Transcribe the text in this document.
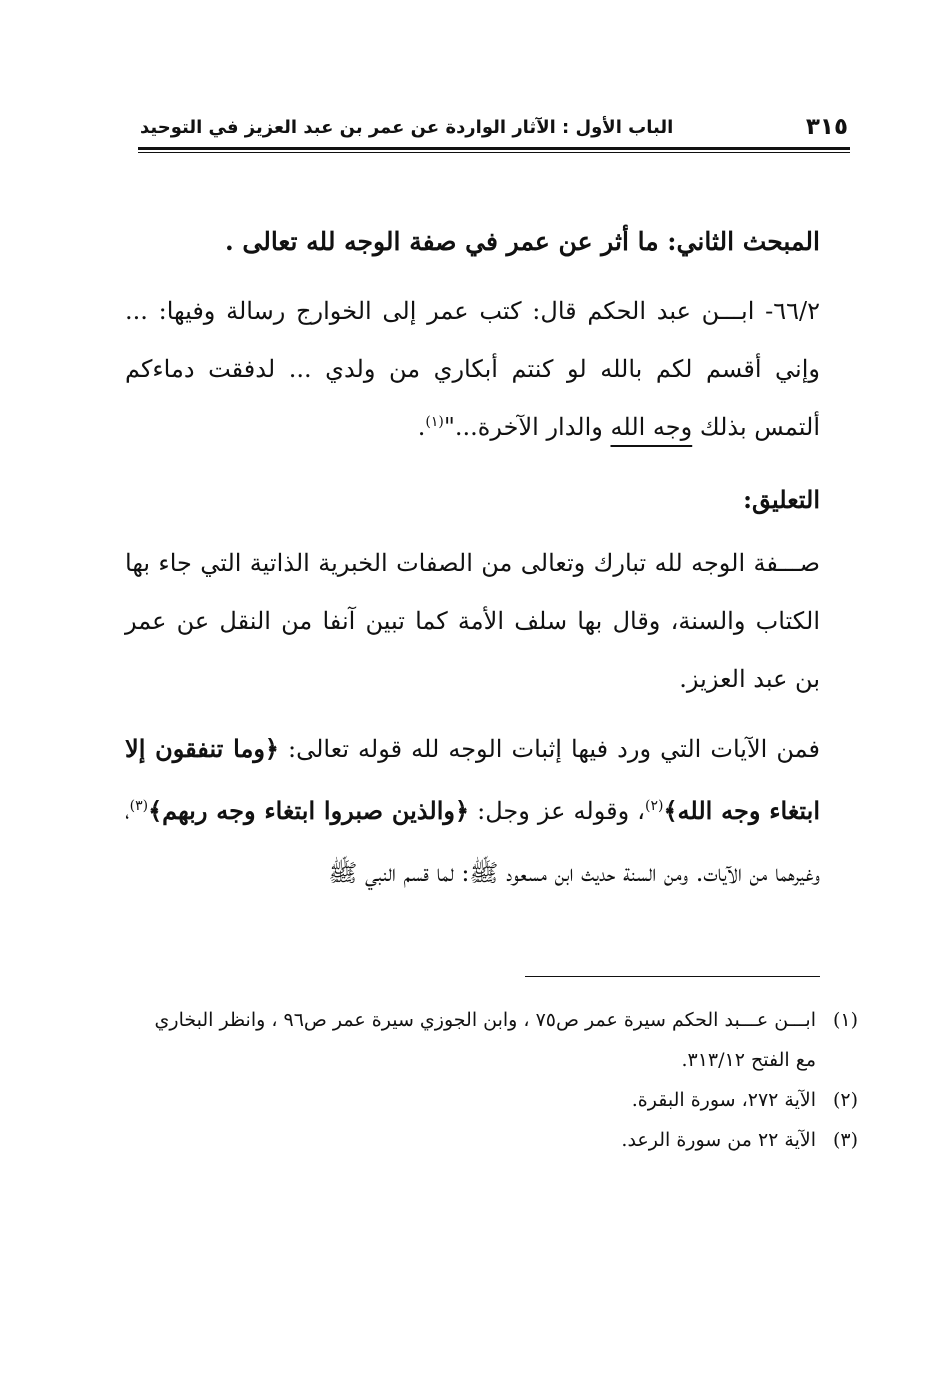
٣١٥
الباب الأول : الآثار الواردة عن عمر بن عبد العزيز في التوحيد
المبحث الثاني: ما أثر عن عمر في صفة الوجه لله تعالى .
٦٦/٢- ابـــن عبد الحكم قال: كتب عمر إلى الخوارج رسالة وفيها: ... وإني أقسم لكم بالله لو كنتم أبكاري من ولدي ... لدفقت دماءكم ألتمس بذلك وجه الله والدار الآخرة..."$^{(١)}$.
التعليق:
صـــفة الوجه لله تبارك وتعالى من الصفات الخبرية الذاتية التي جاء بها الكتاب والسنة، وقال بها سلف الأمة كما تبين آنفا من النقل عن عمر بن عبد العزيز.
فمن الآيات التي ورد فيها إثبات الوجه لله قوله تعالى: ﴿وما تنفقون إلا ابتغاء وجه الله﴾$^{(٢)}$، وقوله عز وجل: ﴿والذين صبروا ابتغاء وجه ربهم﴾$^{(٣)}$، وغيرهما من الآيات. ومن السنة حديث ابن مسعود ﷺ: لما قسم النبي ﷺ
(١)
ابـــن عـــبد الحكم سيرة عمر ص٧٥ ، وابن الجوزي سيرة عمر ص٩٦ ، وانظر البخاري مع الفتح ٣١٣/١٢.
(٢)
الآية ٢٧٢، سورة البقرة.
(٣)
الآية ٢٢ من سورة الرعد.
